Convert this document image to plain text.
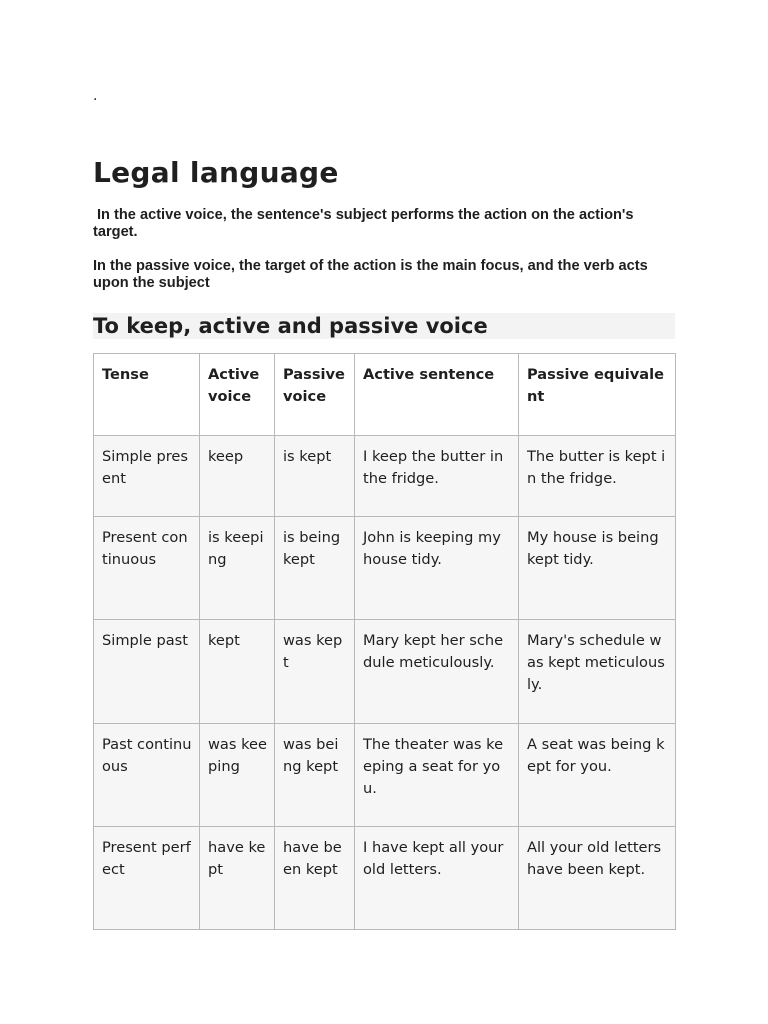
.
Legal language

In the active voice, the sentence's subject performs the action on the action's target.

In the passive voice, the target of the action is the main focus, and the verb acts upon the subject

To keep, active and passive voice
Tense	Active voice	Passive voice	Active sentence	Passive equivalent
Simple present	keep	is kept	I keep the butter in the fridge.	The butter is kept in the fridge.
Present continuous	is keeping	is being kept	John is keeping my house tidy.	My house is being kept tidy.
Simple past	kept	was kept	Mary kept her schedule meticulously.	Mary's schedule was kept meticulously.
Past continuous	was keeping	was being kept	The theater was keeping a seat for you.	A seat was being kept for you.
Present perfect	have kept	have been kept	I have kept all your old letters.	All your old letters have been kept.
